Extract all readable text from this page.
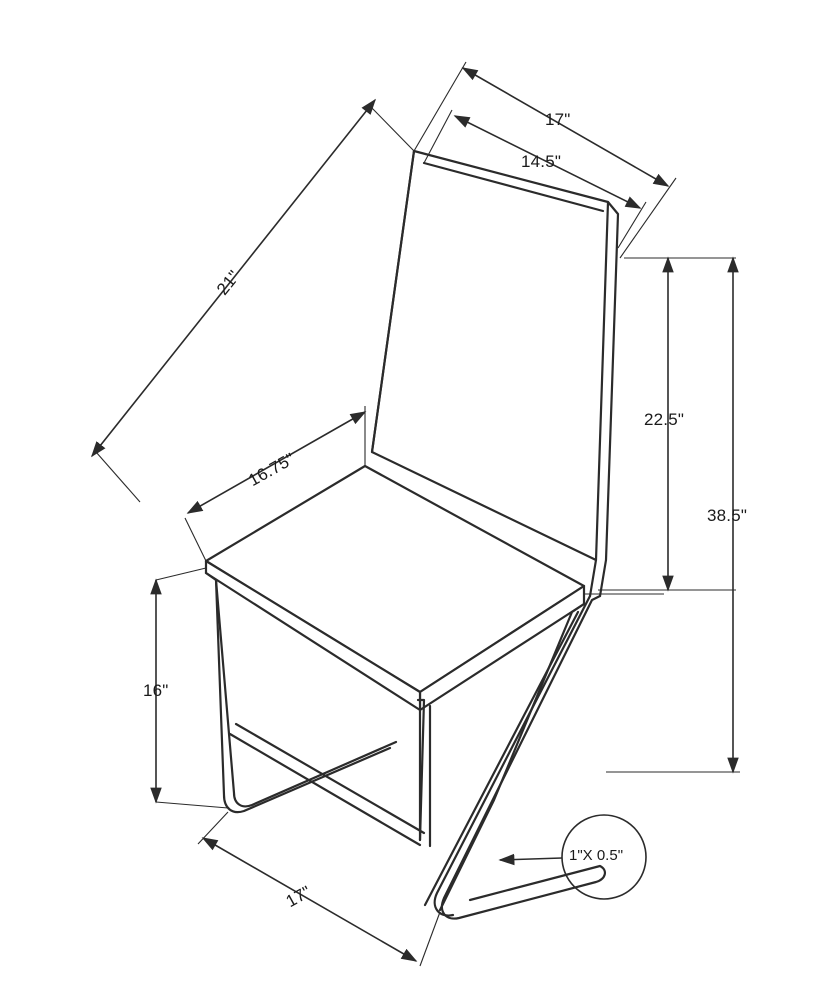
17"
14.5"
21"
16.75"
22.5"
38.5"
16"
17"
1"X 0.5"
